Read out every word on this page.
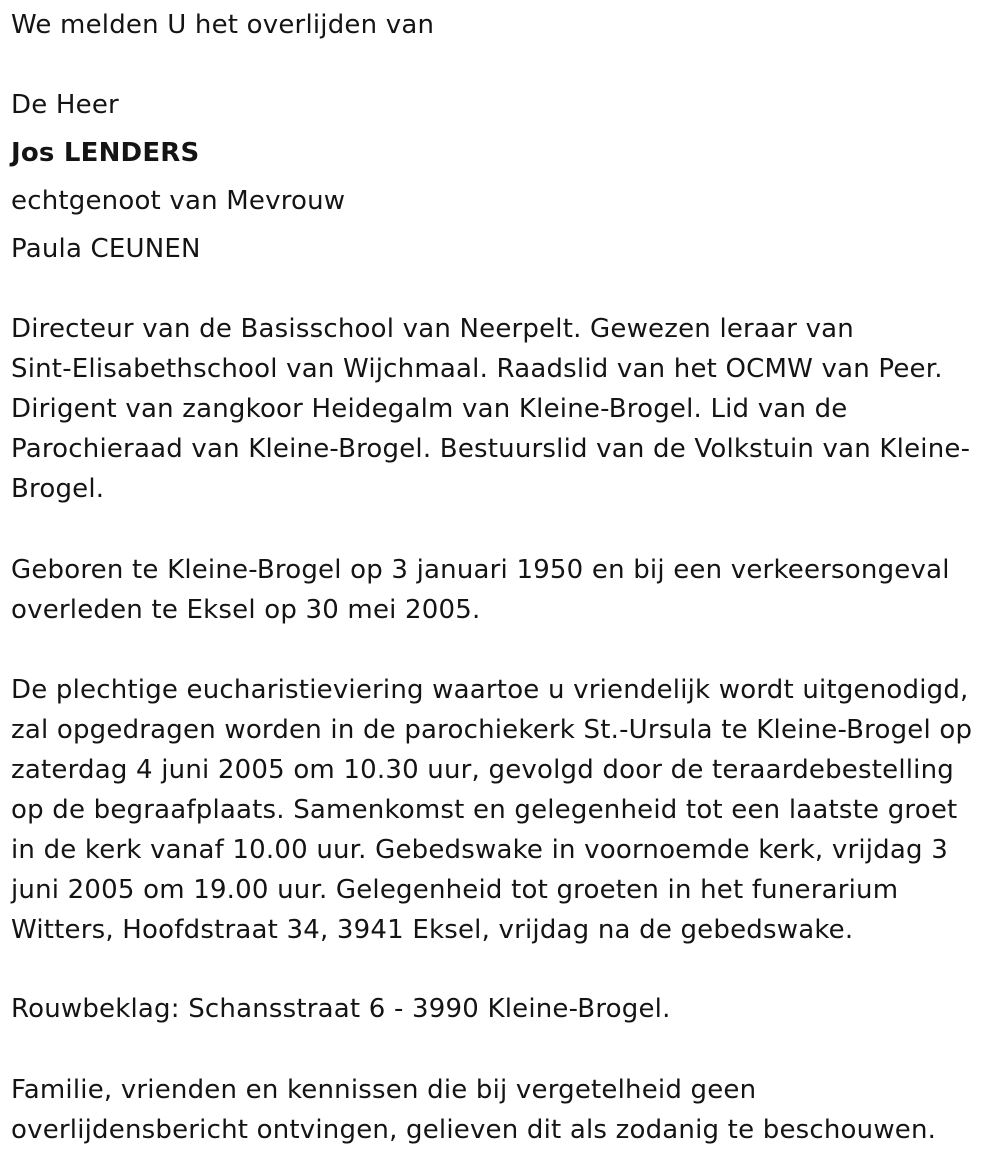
We melden U het overlijden van
De Heer
Jos LENDERS
echtgenoot van Mevrouw
Paula CEUNEN
Directeur van de Basisschool van Neerpelt. Gewezen leraar van
Sint-Elisabethschool van Wijchmaal. Raadslid van het OCMW van Peer.
Dirigent van zangkoor Heidegalm van Kleine-Brogel. Lid van de
Parochieraad van Kleine-Brogel. Bestuurslid van de Volkstuin van Kleine-
Brogel.
Geboren te Kleine-Brogel op 3 januari 1950 en bij een verkeersongeval
overleden te Eksel op 30 mei 2005.
De plechtige eucharistieviering waartoe u vriendelijk wordt uitgenodigd,
zal opgedragen worden in de parochiekerk St.-Ursula te Kleine-Brogel op
zaterdag 4 juni 2005 om 10.30 uur, gevolgd door de teraardebestelling
op de begraafplaats. Samenkomst en gelegenheid tot een laatste groet
in de kerk vanaf 10.00 uur. Gebedswake in voornoemde kerk, vrijdag 3
juni 2005 om 19.00 uur. Gelegenheid tot groeten in het funerarium
Witters, Hoofdstraat 34, 3941 Eksel, vrijdag na de gebedswake.
Rouwbeklag: Schansstraat 6 - 3990 Kleine-Brogel.
Familie, vrienden en kennissen die bij vergetelheid geen
overlijdensbericht ontvingen, gelieven dit als zodanig te beschouwen.
